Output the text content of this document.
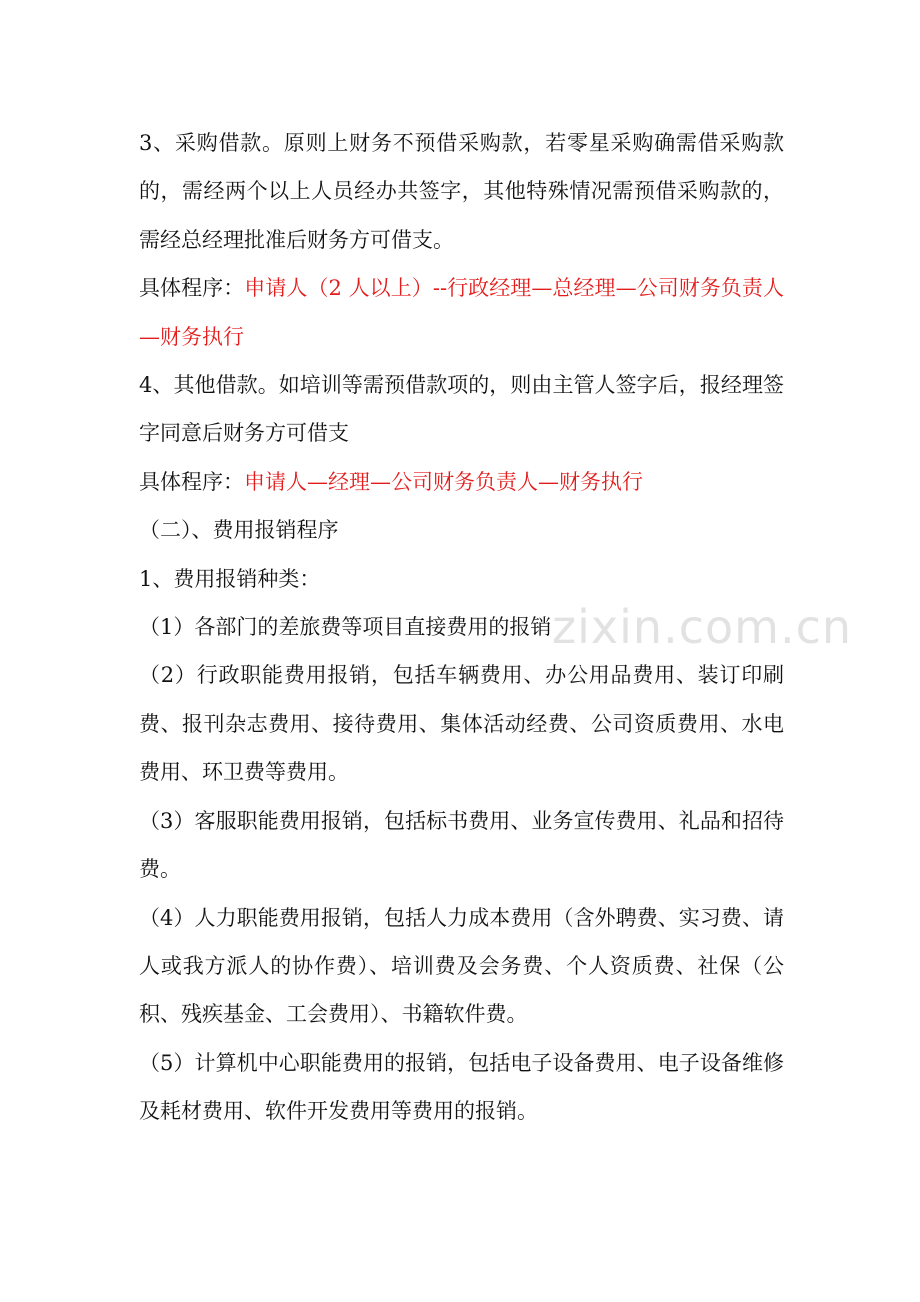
3、采购借款。原则上财务不预借采购款，若零星采购确需借采购款的，需经两个以上人员经办共签字，其他特殊情况需预借采购款的，需经总经理批准后财务方可借支。

具体程序：申请人（2 人以上）--行政经理—总经理—公司财务负责人—财务执行

4、其他借款。如培训等需预借款项的，则由主管人签字后，报经理签字同意后财务方可借支

具体程序：申请人—经理—公司财务负责人—财务执行

（二）、费用报销程序

1、费用报销种类：

（1）各部门的差旅费等项目直接费用的报销

（2）行政职能费用报销，包括车辆费用、办公用品费用、装订印刷费、报刊杂志费用、接待费用、集体活动经费、公司资质费用、水电费用、环卫费等费用。

（3）客服职能费用报销，包括标书费用、业务宣传费用、礼品和招待费。

（4）人力职能费用报销，包括人力成本费用（含外聘费、实习费、请人或我方派人的协作费）、培训费及会务费、个人资质费、社保（公积、残疾基金、工会费用）、书籍软件费。

（5）计算机中心职能费用的报销，包括电子设备费用、电子设备维修及耗材费用、软件开发费用等费用的报销。

zixin.com.cn
